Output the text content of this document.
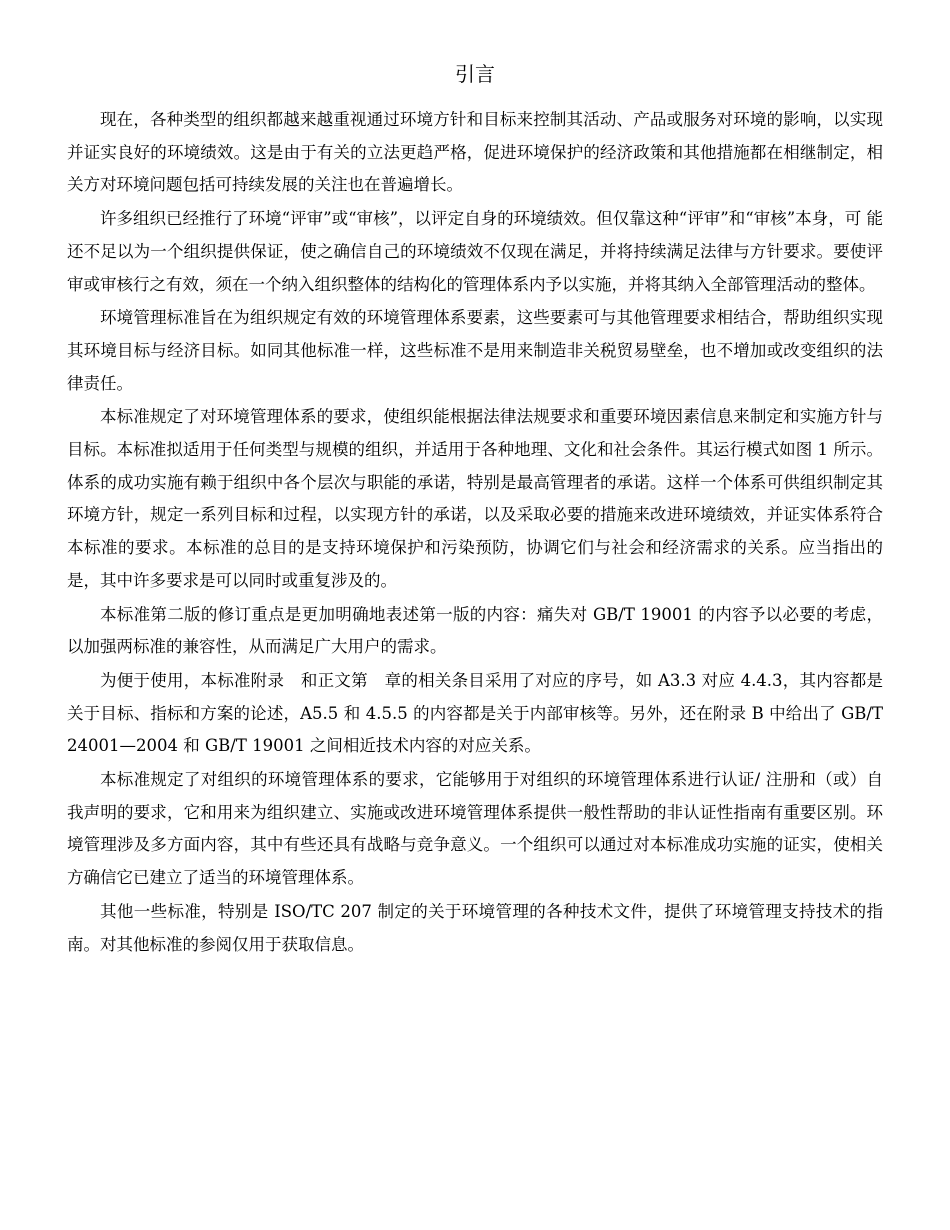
引言

现在，各种类型的组织都越来越重视通过环境方针和目标来控制其活动、产品或服务对环境的影响，以实现并证实良好的环境绩效。这是由于有关的立法更趋严格，促进环境保护的经济政策和其他措施都在相继制定，相关方对环境问题包括可持续发展的关注也在普遍增长。

许多组织已经推行了环境“评审”或“审核”，以评定自身的环境绩效。但仅靠这种“评审”和“审核”本身，可 能还不足以为一个组织提供保证，使之确信自己的环境绩效不仅现在满足，并将持续满足法律与方针要求。要使评审或审核行之有效，须在一个纳入组织整体的结构化的管理体系内予以实施，并将其纳入全部管理活动的整体。

环境管理标准旨在为组织规定有效的环境管理体系要素，这些要素可与其他管理要求相结合，帮助组织实现其环境目标与经济目标。如同其他标准一样，这些标准不是用来制造非关税贸易壁垒，也不增加或改变组织的法律责任。

本标准规定了对环境管理体系的要求，使组织能根据法律法规要求和重要环境因素信息来制定和实施方针与目标。本标准拟适用于任何类型与规模的组织，并适用于各种地理、文化和社会条件。其运行模式如图 1 所示。体系的成功实施有赖于组织中各个层次与职能的承诺，特别是最高管理者的承诺。这样一个体系可供组织制定其环境方针，规定一系列目标和过程，以实现方针的承诺，以及采取必要的措施来改进环境绩效，并证实体系符合本标准的要求。本标准的总目的是支持环境保护和污染预防，协调它们与社会和经济需求的关系。应当指出的是，其中许多要求是可以同时或重复涉及的。

本标准第二版的修订重点是更加明确地表述第一版的内容：痛失对 GB/T 19001 的内容予以必要的考虑，以加强两标准的兼容性，从而满足广大用户的需求。

为便于使用，本标准附录　和正文第　章的相关条目采用了对应的序号，如 A3.3 对应 4.4.3，其内容都是关于目标、指标和方案的论述，A5.5 和 4.5.5 的内容都是关于内部审核等。另外，还在附录 B 中给出了 GB/T 24001—2004 和 GB/T 19001 之间相近技术内容的对应关系。

本标准规定了对组织的环境管理体系的要求，它能够用于对组织的环境管理体系进行认证/ 注册和（或）自我声明的要求，它和用来为组织建立、实施或改进环境管理体系提供一般性帮助的非认证性指南有重要区别。环境管理涉及多方面内容，其中有些还具有战略与竞争意义。一个组织可以通过对本标准成功实施的证实，使相关方确信它已建立了适当的环境管理体系。

其他一些标准，特别是 ISO/TC 207 制定的关于环境管理的各种技术文件，提供了环境管理支持技术的指南。对其他标准的参阅仅用于获取信息。
